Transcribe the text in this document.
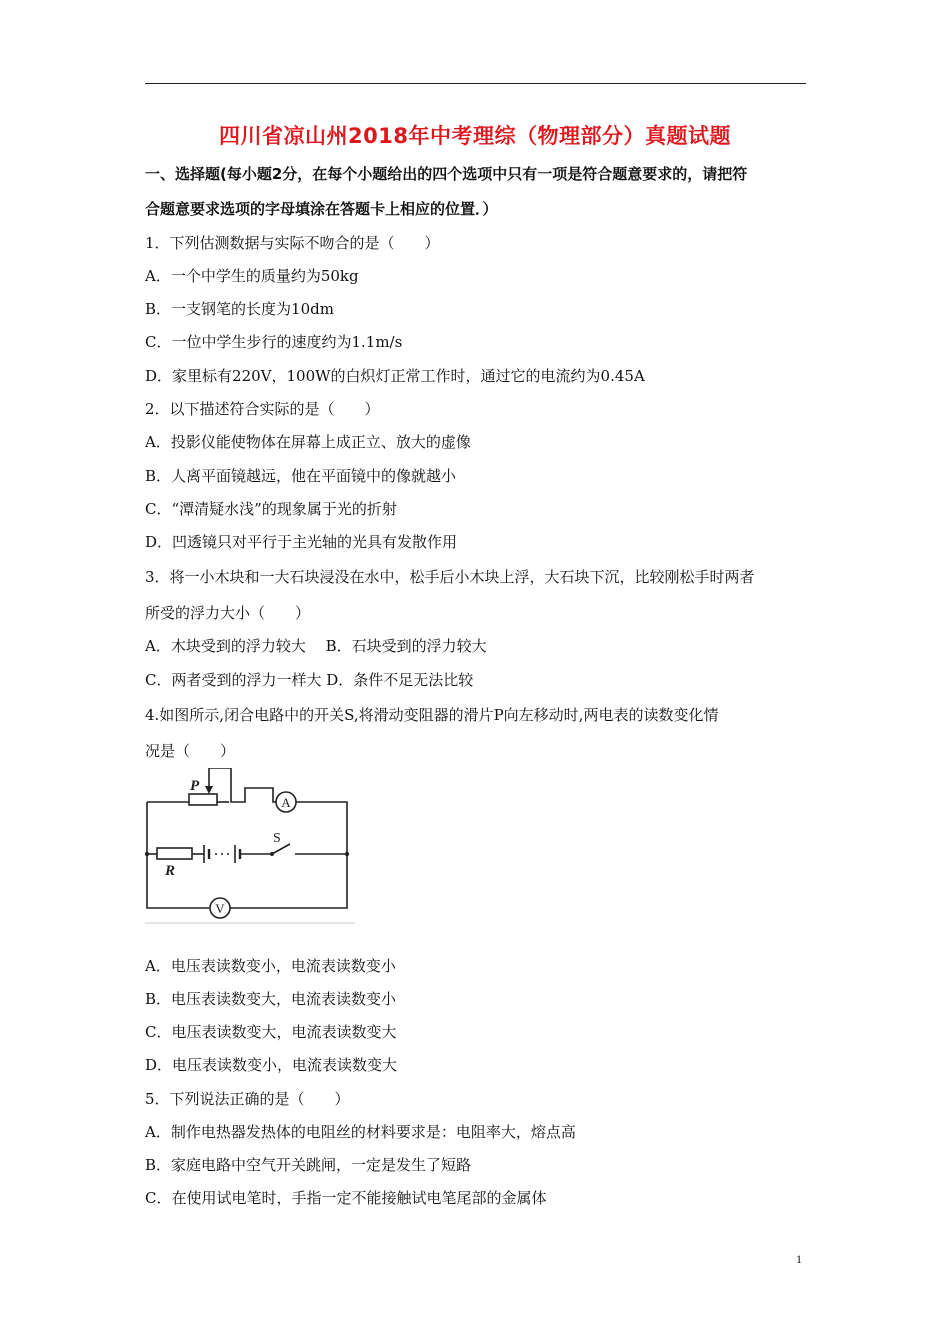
四川省凉山州2018年中考理综（物理部分）真题试题
一、选择题(每小题2分，在每个小题给出的四个选项中只有一项是符合题意要求的，请把符
合题意要求选项的字母填涂在答题卡上相应的位置．）
1．下列估测数据与实际不吻合的是（　　）
A．一个中学生的质量约为50kg
B．一支钢笔的长度为10dm
C．一位中学生步行的速度约为1.1m/s
D．家里标有220V，100W的白炽灯正常工作时，通过它的电流约为0.45A
2．以下描述符合实际的是（　　）
A．投影仪能使物体在屏幕上成正立、放大的虚像
B．人离平面镜越远，他在平面镜中的像就越小
C．“潭清疑水浅”的现象属于光的折射
D．凹透镜只对平行于主光轴的光具有发散作用
3．将一小木块和一大石块浸没在水中，松手后小木块上浮，大石块下沉，比较刚松手时两者
所受的浮力大小（　　）
A．木块受到的浮力较大　 B．石块受到的浮力较大
C．两者受到的浮力一样大 D．条件不足无法比较
4.如图所示,闭合电路中的开关S,将滑动变阻器的滑片P向左移动时,两电表的读数变化情
况是（　　）
P
R
S
A
V
A．电压表读数变小，电流表读数变小
B．电压表读数变大，电流表读数变小
C．电压表读数变大，电流表读数变大
D．电压表读数变小，电流表读数变大
5．下列说法正确的是（　　）
A．制作电热器发热体的电阻丝的材料要求是：电阻率大，熔点高
B．家庭电路中空气开关跳闸，一定是发生了短路
C．在使用试电笔时，手指一定不能接触试电笔尾部的金属体
1
